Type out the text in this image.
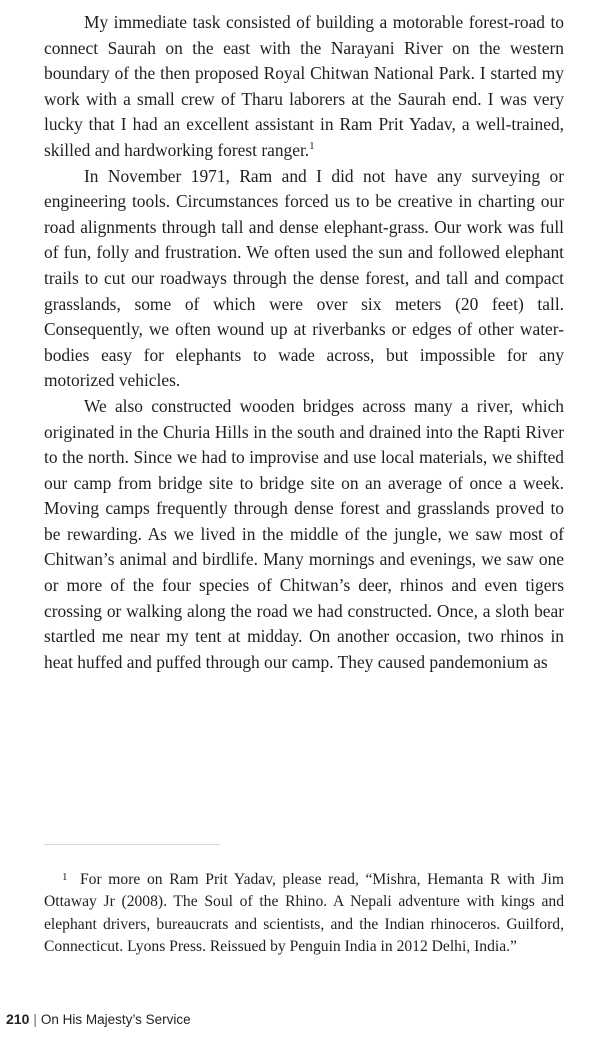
My immediate task consisted of building a motorable forest-road to connect Saurah on the east with the Narayani River on the western boundary of the then proposed Royal Chitwan National Park. I started my work with a small crew of Tharu laborers at the Saurah end. I was very lucky that I had an excellent assistant in Ram Prit Yadav, a well-trained, skilled and hardworking forest ranger.$^1$

In November 1971, Ram and I did not have any surveying or engineering tools. Circumstances forced us to be creative in charting our road alignments through tall and dense elephant-grass. Our work was full of fun, folly and frustration. We often used the sun and followed elephant trails to cut our roadways through the dense forest, and tall and compact grasslands, some of which were over six meters (20 feet) tall. Consequently, we often wound up at riverbanks or edges of other water-bodies easy for elephants to wade across, but impossible for any motorized vehicles.

We also constructed wooden bridges across many a river, which originated in the Churia Hills in the south and drained into the Rapti River to the north. Since we had to improvise and use local materials, we shifted our camp from bridge site to bridge site on an average of once a week. Moving camps frequently through dense forest and grasslands proved to be rewarding. As we lived in the middle of the jungle, we saw most of Chitwan’s animal and birdlife. Many mornings and evenings, we saw one or more of the four species of Chitwan’s deer, rhinos and even tigers crossing or walking along the road we had constructed. Once, a sloth bear startled me near my tent at midday. On another occasion, two rhinos in heat huffed and puffed through our camp. They caused pandemonium as

1 For more on Ram Prit Yadav, please read, “Mishra, Hemanta R with Jim Ottaway Jr (2008). The Soul of the Rhino. A Nepali adventure with kings and elephant drivers, bureaucrats and scientists, and the Indian rhinoceros. Guilford, Connecticut. Lyons Press. Reissued by Penguin India in 2012 Delhi, India.”
210 | On His Majesty’s Service
